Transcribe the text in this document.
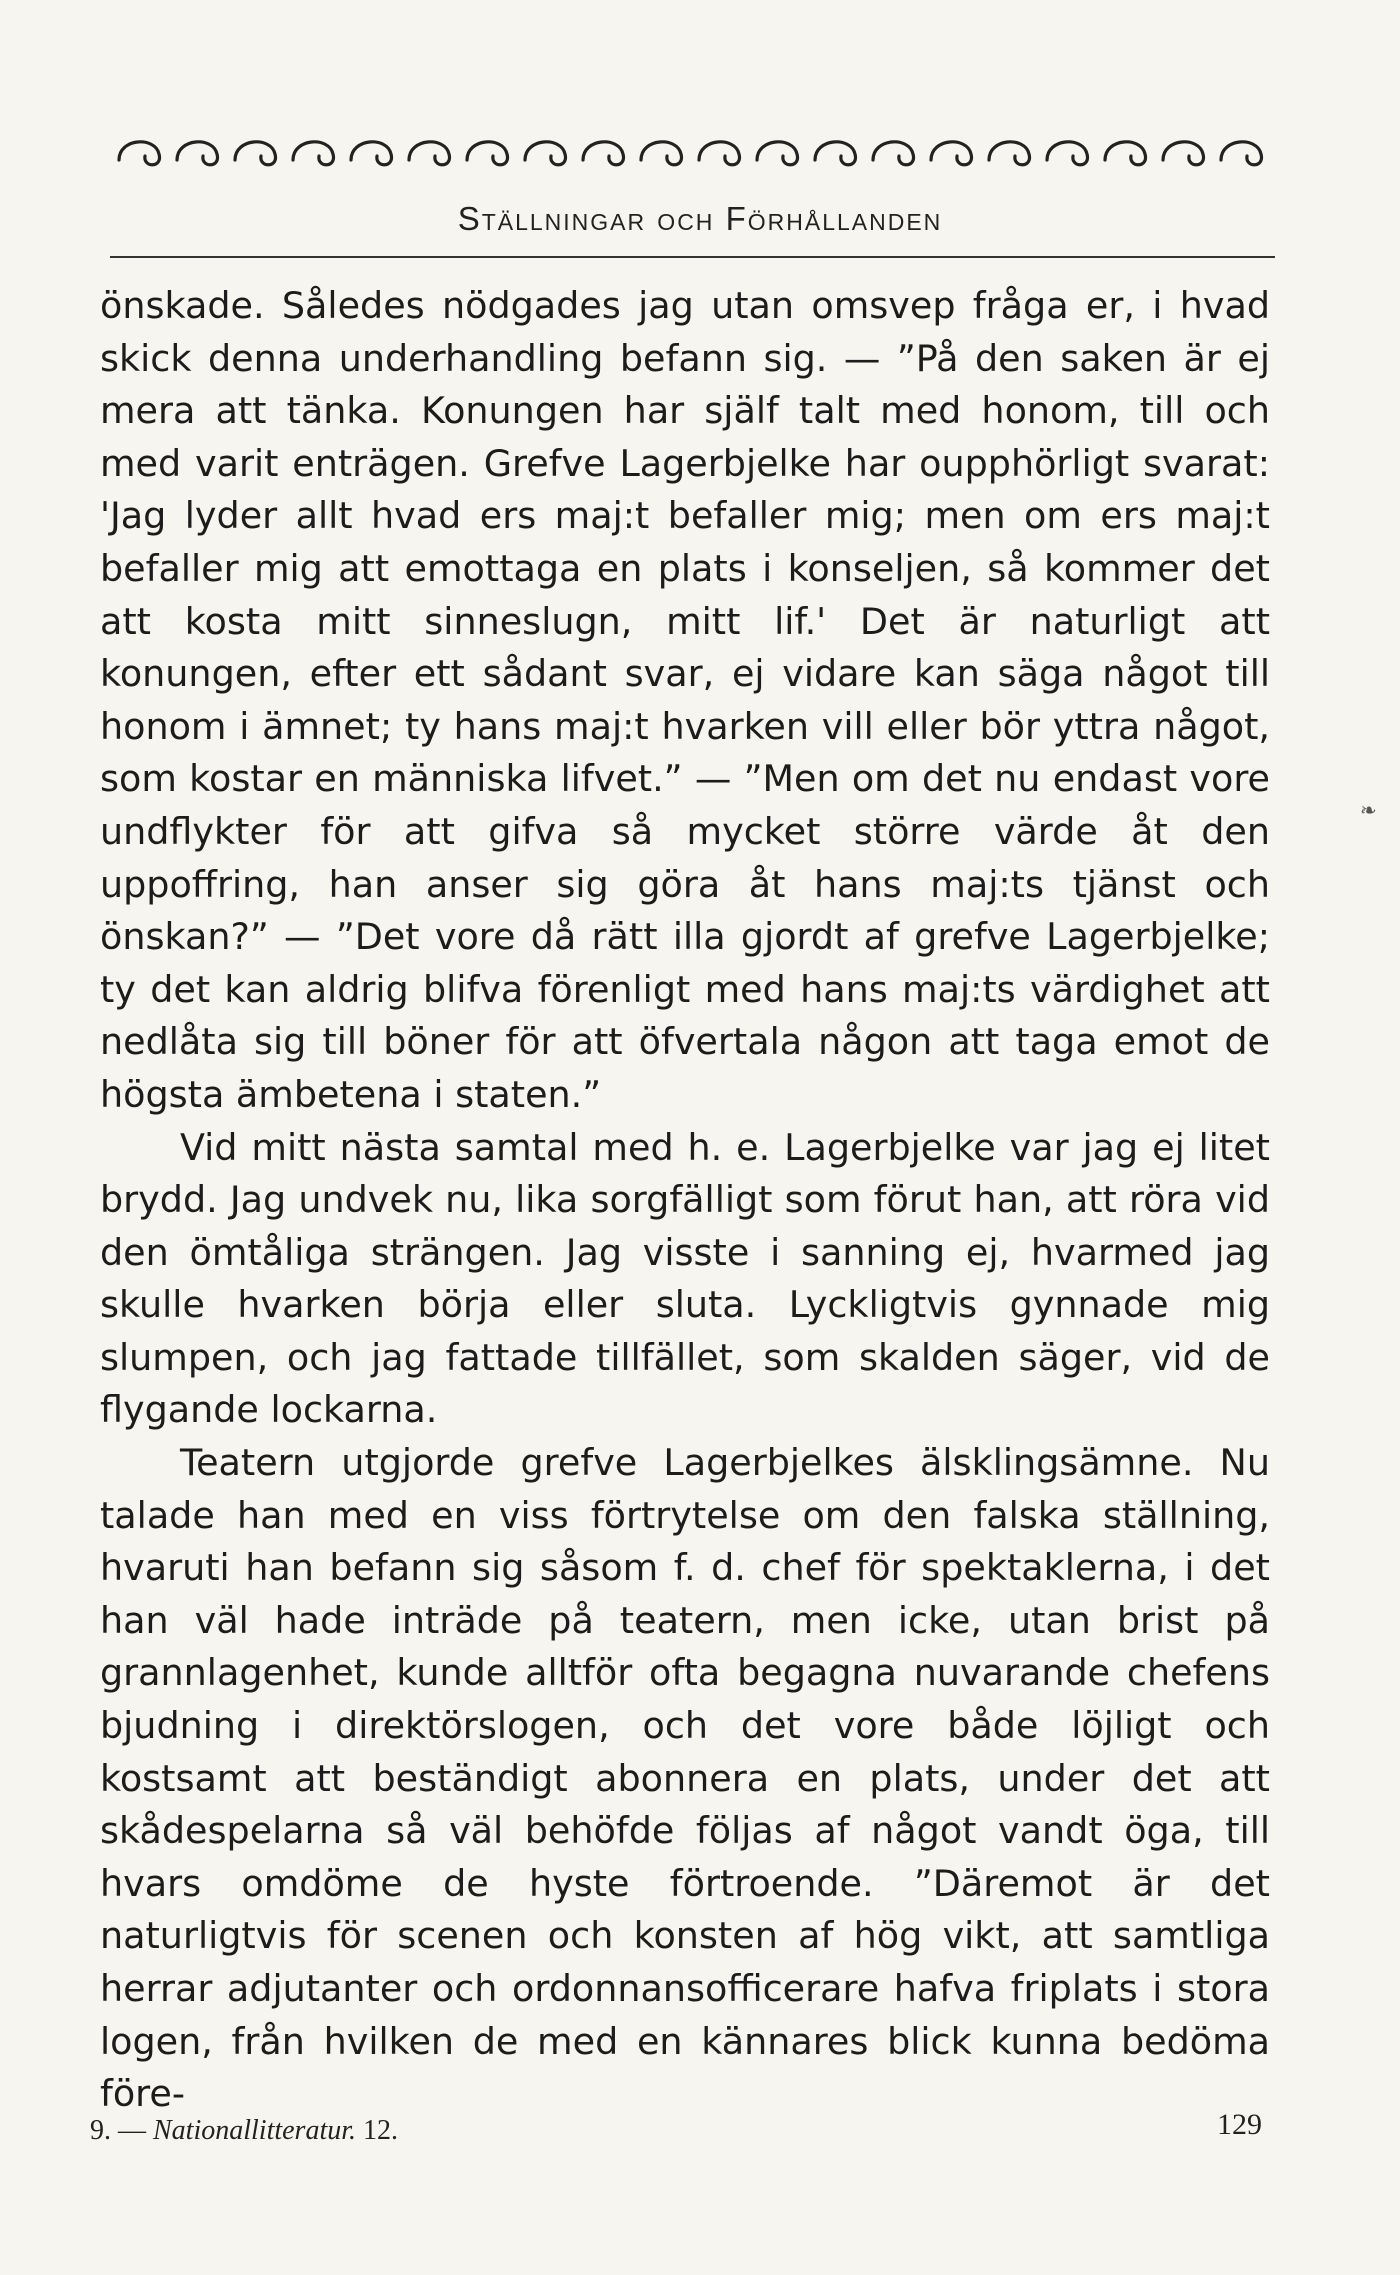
Ställningar och Förhållanden

önskade. Således nödgades jag utan omsvep fråga er, i hvad skick denna underhandling befann sig. — ”På den saken är ej mera att tänka. Konungen har själf talt med honom, till och med varit enträgen. Grefve Lagerbjelke har oupphörligt svarat: 'Jag lyder allt hvad ers maj:t befaller mig; men om ers maj:t befaller mig att emottaga en plats i konseljen, så kommer det att kosta mitt sinneslugn, mitt lif.' Det är naturligt att konungen, efter ett sådant svar, ej vidare kan säga något till honom i ämnet; ty hans maj:t hvarken vill eller bör yttra något, som kostar en människa lifvet.” — ”Men om det nu endast vore undflykter för att gifva så mycket större värde åt den uppoffring, han anser sig göra åt hans maj:ts tjänst och önskan?” — ”Det vore då rätt illa gjordt af grefve Lagerbjelke; ty det kan aldrig blifva förenligt med hans maj:ts värdighet att nedlåta sig till böner för att öfvertala någon att taga emot de högsta ämbetena i staten.”

Vid mitt nästa samtal med h. e. Lagerbjelke var jag ej litet brydd. Jag undvek nu, lika sorgfälligt som förut han, att röra vid den ömtåliga strängen. Jag visste i sanning ej, hvarmed jag skulle hvarken börja eller sluta. Lyckligtvis gynnade mig slumpen, och jag fattade tillfället, som skalden säger, vid de flygande lockarna.

Teatern utgjorde grefve Lagerbjelkes älsklingsämne. Nu talade han med en viss förtrytelse om den falska ställning, hvaruti han befann sig såsom f. d. chef för spektaklerna, i det han väl hade inträde på teatern, men icke, utan brist på grannlagenhet, kunde alltför ofta begagna nuvarande chefens bjudning i direktörslogen, och det vore både löjligt och kostsamt att beständigt abonnera en plats, under det att skådespelarna så väl behöfde följas af något vandt öga, till hvars omdöme de hyste förtroende. ”Däremot är det naturligtvis för scenen och konsten af hög vikt, att samtliga herrar adjutanter och ordonnansofficerare hafva friplats i stora logen, från hvilken de med en kännares blick kunna bedöma före-

❧
9. — Nationallitteratur. 12.	129
